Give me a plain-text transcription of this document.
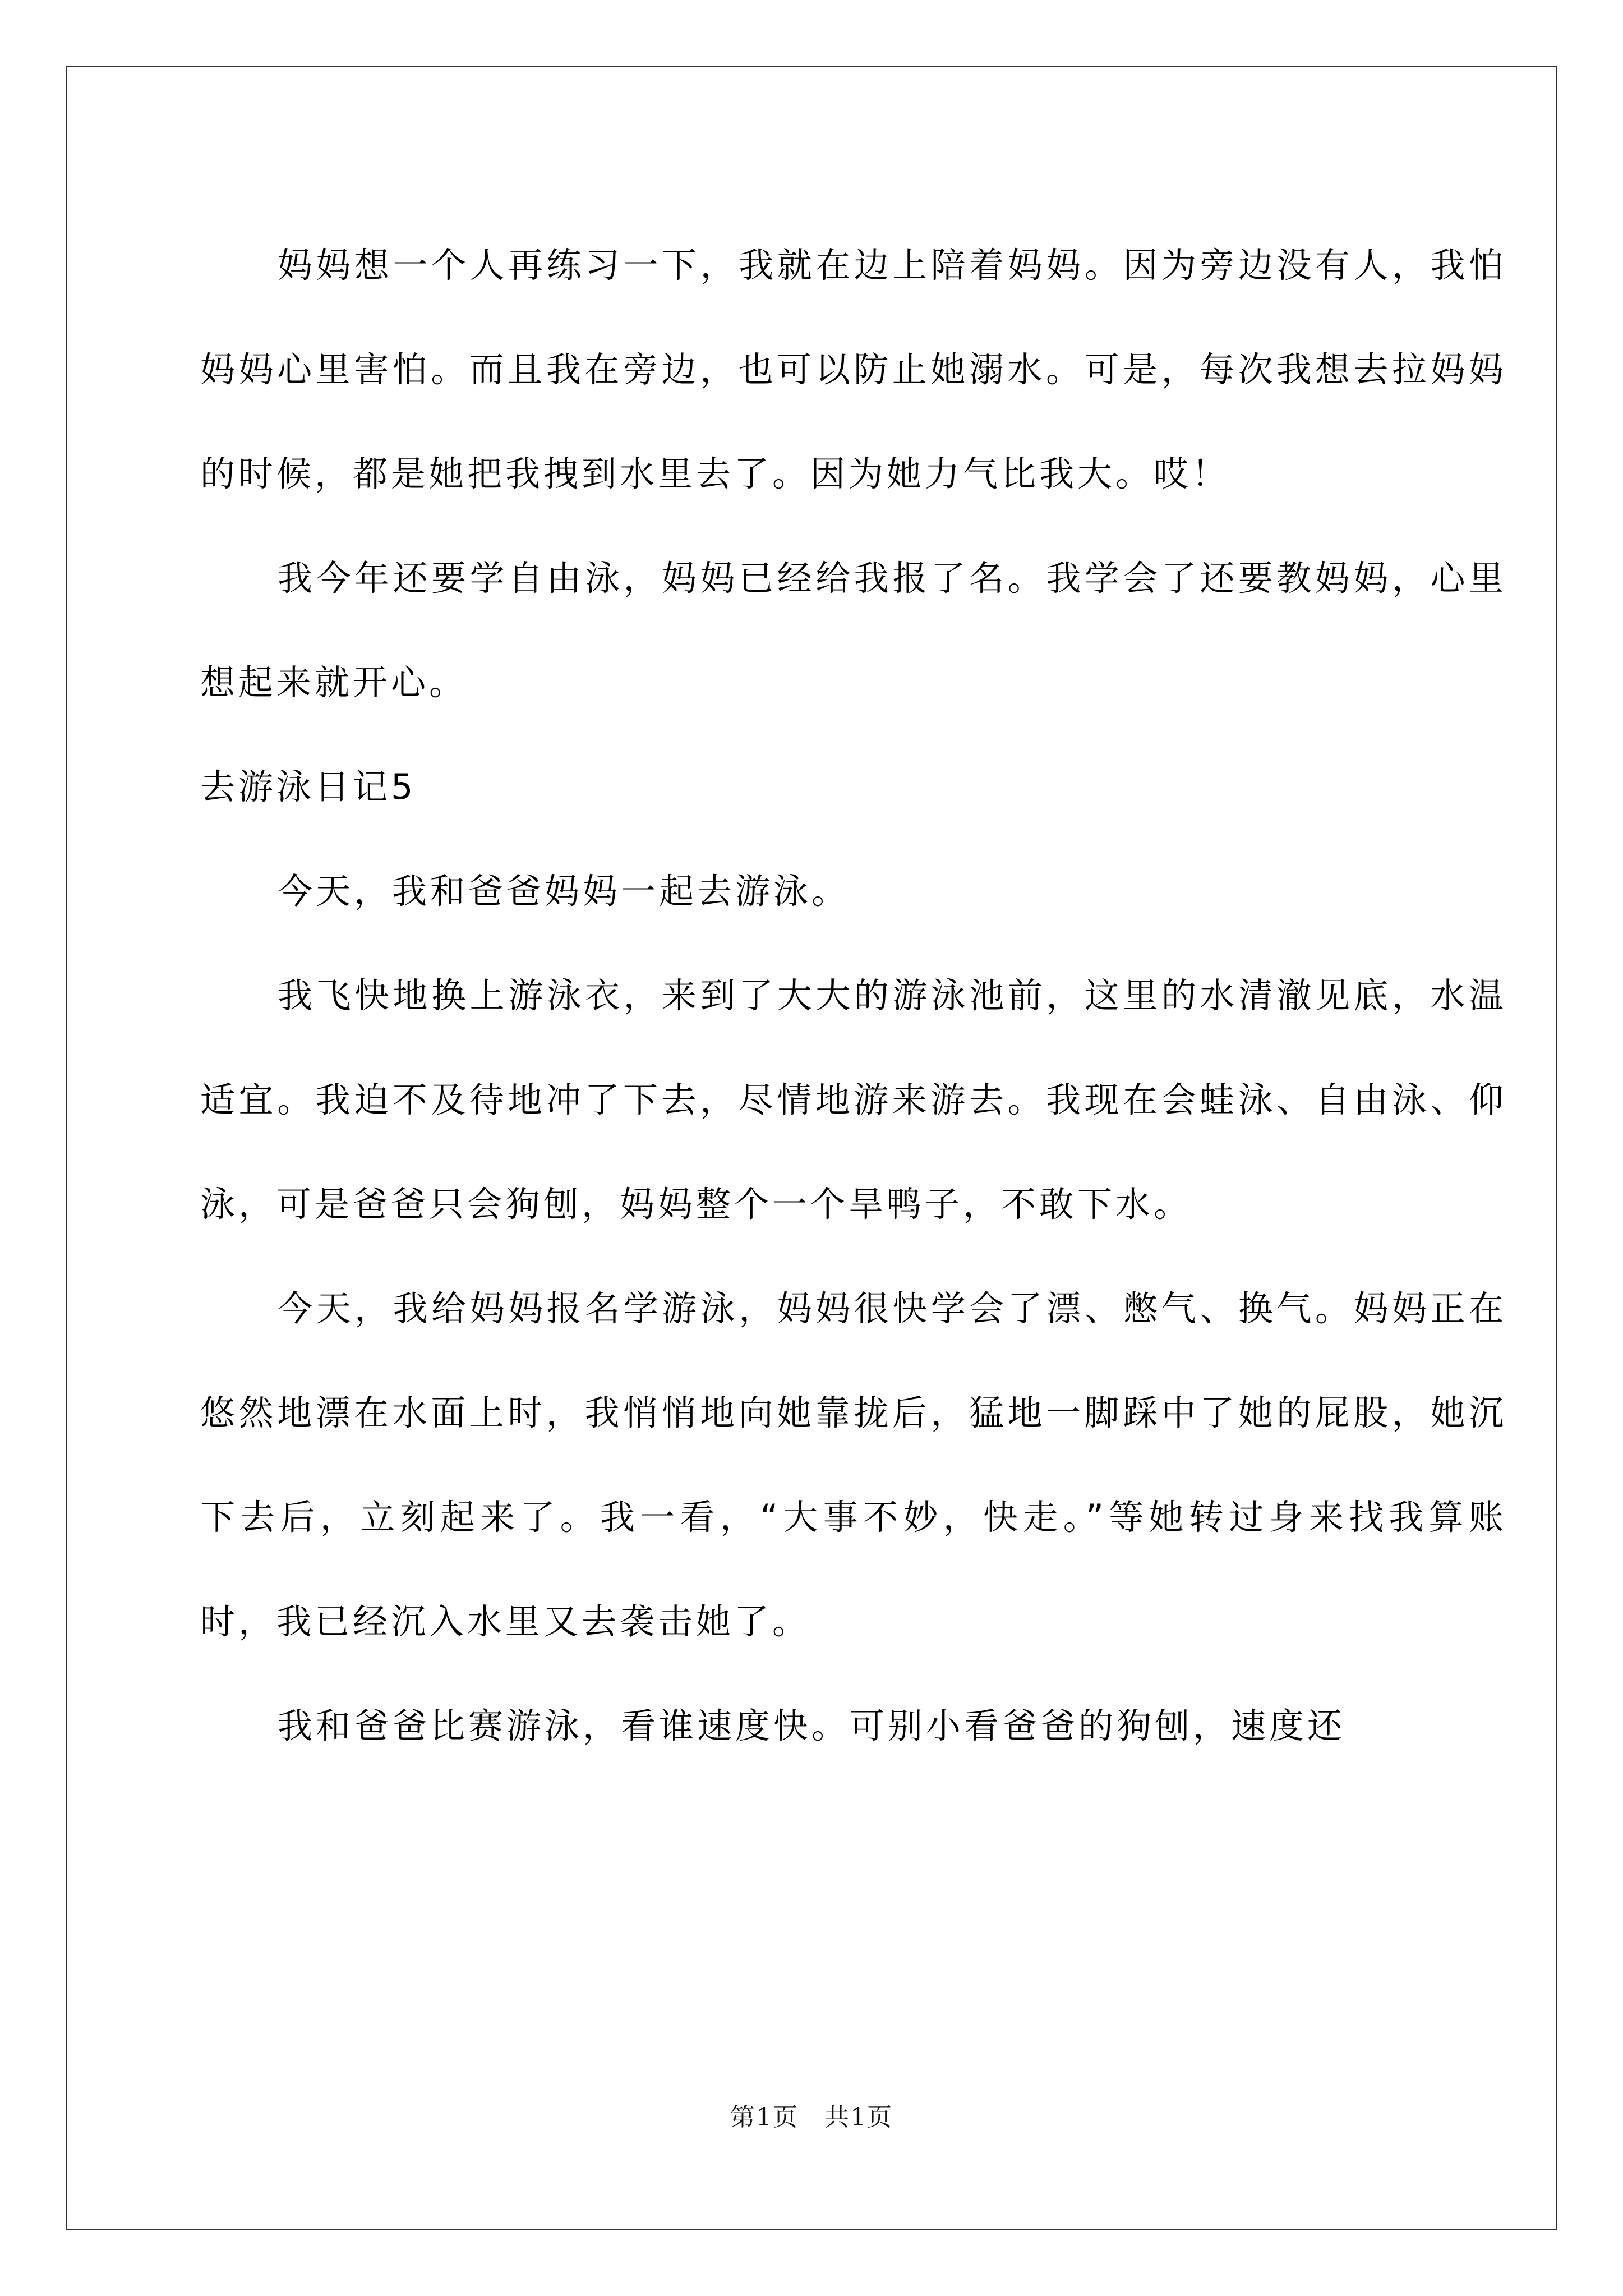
妈妈想一个人再练习一下，我就在边上陪着妈妈。因为旁边没有人，我怕妈妈心里害怕。而且我在旁边，也可以防止她溺水。可是，每次我想去拉妈妈的时候，都是她把我拽到水里去了。因为她力气比我大。哎！

我今年还要学自由泳，妈妈已经给我报了名。我学会了还要教妈妈，心里想起来就开心。

去游泳日记5

今天，我和爸爸妈妈一起去游泳。

我飞快地换上游泳衣，来到了大大的游泳池前，这里的水清澈见底，水温适宜。我迫不及待地冲了下去，尽情地游来游去。我现在会蛙泳、自由泳、仰泳，可是爸爸只会狗刨，妈妈整个一个旱鸭子，不敢下水。

今天，我给妈妈报名学游泳，妈妈很快学会了漂、憋气、换气。妈妈正在悠然地漂在水面上时，我悄悄地向她靠拢后，猛地一脚踩中了她的屁股，她沉下去后，立刻起来了。我一看，“大事不妙，快走。”等她转过身来找我算账时，我已经沉入水里又去袭击她了。

我和爸爸比赛游泳，看谁速度快。可别小看爸爸的狗刨，速度还

第1页　共1页
